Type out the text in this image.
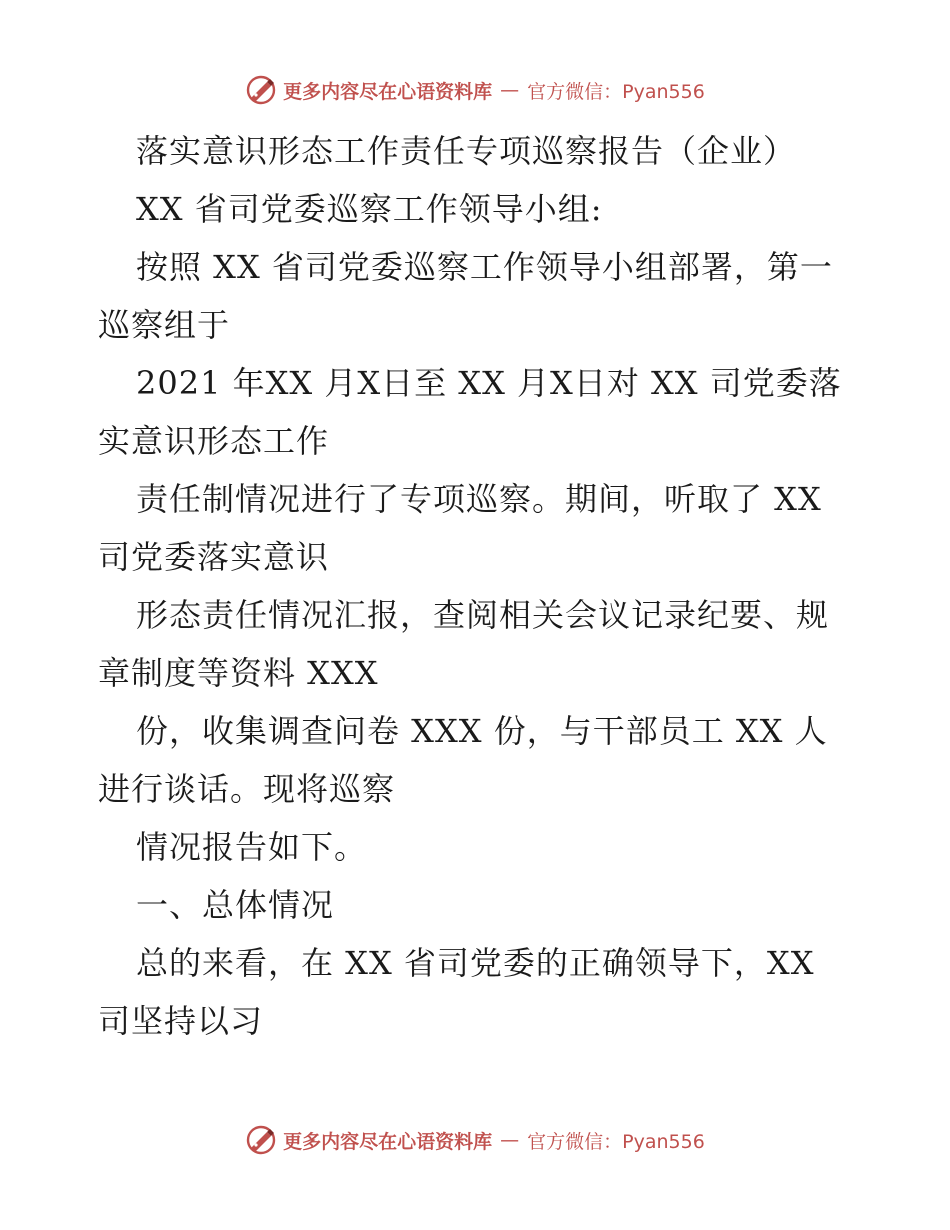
更多内容尽在心语资料库 — 官方微信：Pyan556
落实意识形态工作责任专项巡察报告（企业）
XX 省司党委巡察工作领导小组:
按照 XX 省司党委巡察工作领导小组部署，第一
巡察组于
2021 年XX 月X日至 XX 月X日对 XX 司党委落
实意识形态工作
责任制情况进行了专项巡察。期间，听取了 XX
司党委落实意识
形态责任情况汇报，查阅相关会议记录纪要、规
章制度等资料 XXX
份，收集调查问卷 XXX 份，与干部员工 XX 人
进行谈话。现将巡察
情况报告如下。
一、总体情况
总的来看，在 XX 省司党委的正确领导下，XX
司坚持以习
更多内容尽在心语资料库 — 官方微信：Pyan556
